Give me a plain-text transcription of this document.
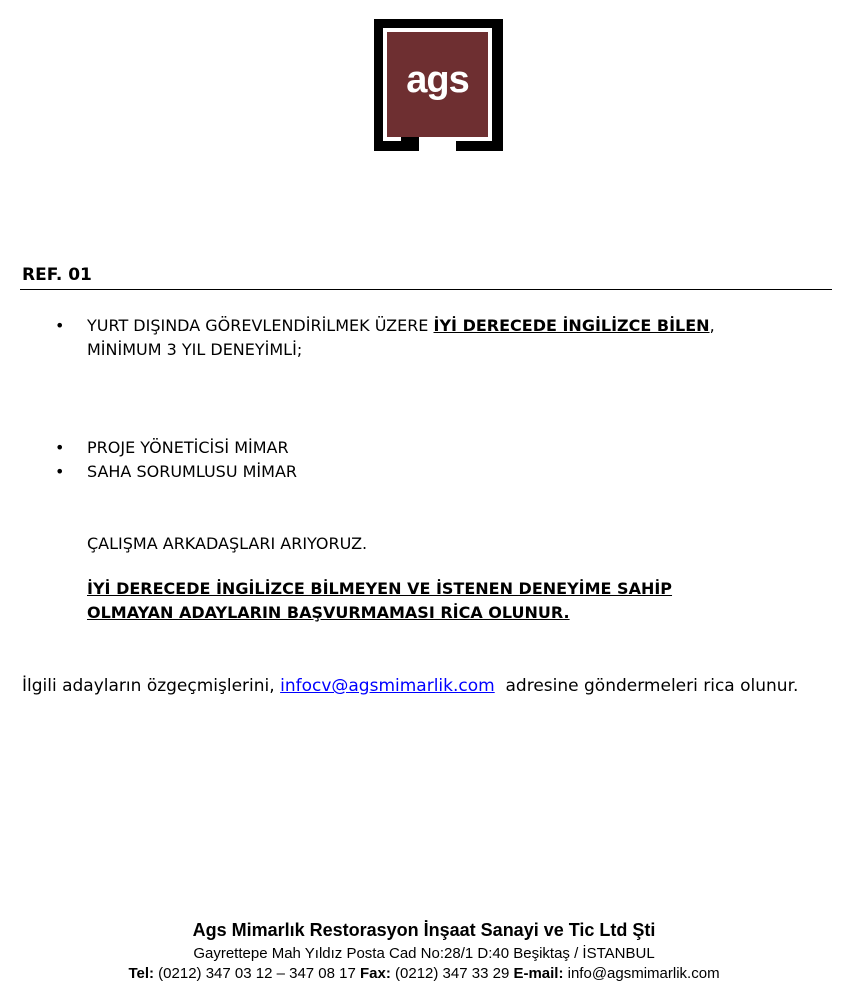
ags
REF. 01
• YURT DIŞINDA GÖREVLENDİRİLMEK ÜZERE İYİ DERECEDE İNGİLİZCE BİLEN,
MİNİMUM 3 YIL DENEYİMLİ;
• PROJE YÖNETİCİSİ MİMAR
• SAHA SORUMLUSU MİMAR
ÇALIŞMA ARKADAŞLARI ARIYORUZ.
İYİ DERECEDE İNGİLİZCE BİLMEYEN VE İSTENEN DENEYİME SAHİP
OLMAYAN ADAYLARIN BAŞVURMAMASI RİCA OLUNUR.
İlgili adayların özgeçmişlerini, infocv@agsmimarlik.com adresine göndermeleri rica olunur.
Ags Mimarlık Restorasyon İnşaat Sanayi ve Tic Ltd Şti
Gayrettepe Mah Yıldız Posta Cad No:28/1 D:40 Beşiktaş / İSTANBUL
Tel: (0212) 347 03 12 – 347 08 17 Fax: (0212) 347 33 29 E-mail: info@agsmimarlik.com
